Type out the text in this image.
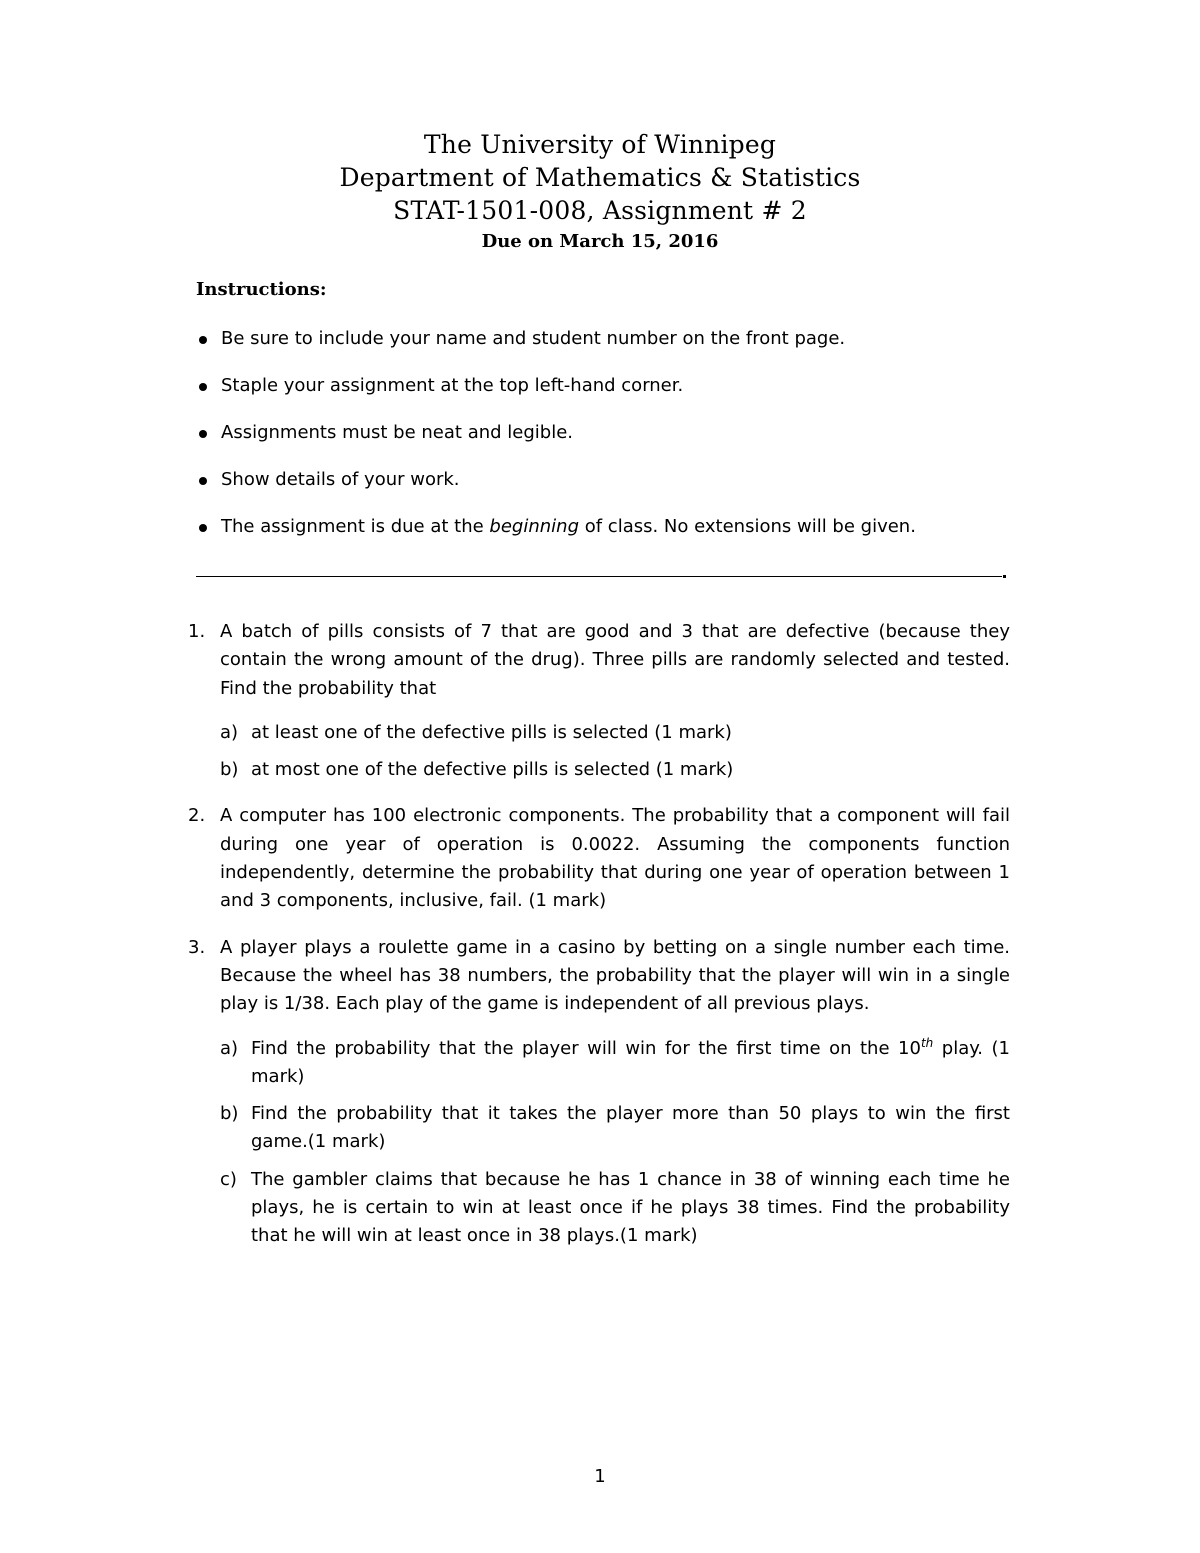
The University of Winnipeg
Department of Mathematics & Statistics
STAT-1501-008, Assignment # 2
Due on March 15, 2016
Instructions:
Be sure to include your name and student number on the front page.
Staple your assignment at the top left-hand corner.
Assignments must be neat and legible.
Show details of your work.
The assignment is due at the beginning of class. No extensions will be given.
1. A batch of pills consists of 7 that are good and 3 that are defective (because they contain the wrong amount of the drug). Three pills are randomly selected and tested. Find the probability that
a) at least one of the defective pills is selected (1 mark)
b) at most one of the defective pills is selected (1 mark)
2. A computer has 100 electronic components. The probability that a component will fail during one year of operation is 0.0022. Assuming the components function independently, determine the probability that during one year of operation between 1 and 3 components, inclusive, fail. (1 mark)
3. A player plays a roulette game in a casino by betting on a single number each time. Because the wheel has 38 numbers, the probability that the player will win in a single play is 1/38. Each play of the game is independent of all previous plays.
a) Find the probability that the player will win for the first time on the 10th play. (1 mark)
b) Find the probability that it takes the player more than 50 plays to win the first game.(1 mark)
c) The gambler claims that because he has 1 chance in 38 of winning each time he plays, he is certain to win at least once if he plays 38 times. Find the probability that he will win at least once in 38 plays.(1 mark)
1
